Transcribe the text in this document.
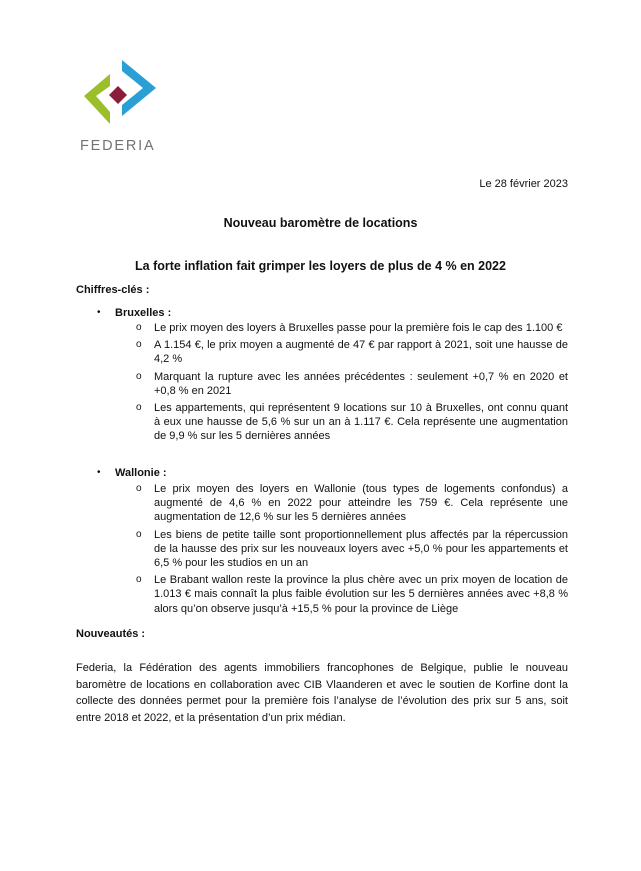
FEDERIA
Le 28 février 2023
Nouveau baromètre de locations
La forte inflation fait grimper les loyers de plus de 4 % en 2022
Chiffres-clés :
• Bruxelles :
o Le prix moyen des loyers à Bruxelles passe pour la première fois le cap des 1.100 €
o A 1.154 €, le prix moyen a augmenté de 47 € par rapport à 2021, soit une hausse de 4,2 %
o Marquant la rupture avec les années précédentes : seulement +0,7 % en 2020 et +0,8 % en 2021
o Les appartements, qui représentent 9 locations sur 10 à Bruxelles, ont connu quant à eux une hausse de 5,6 % sur un an à 1.117 €. Cela représente une augmentation de 9,9 % sur les 5 dernières années
• Wallonie :
o Le prix moyen des loyers en Wallonie (tous types de logements confondus) a augmenté de 4,6 % en 2022 pour atteindre les 759 €. Cela représente une augmentation de 12,6 % sur les 5 dernières années
o Les biens de petite taille sont proportionnellement plus affectés par la répercussion de la hausse des prix sur les nouveaux loyers avec +5,0 % pour les appartements et 6,5 % pour les studios en un an
o Le Brabant wallon reste la province la plus chère avec un prix moyen de location de 1.013 € mais connaît la plus faible évolution sur les 5 dernières années avec +8,8 % alors qu’on observe jusqu’à +15,5 % pour la province de Liège
Nouveautés :
Federia, la Fédération des agents immobiliers francophones de Belgique, publie le nouveau baromètre de locations en collaboration avec CIB Vlaanderen et avec le soutien de Korfine dont la collecte des données permet pour la première fois l’analyse de l’évolution des prix sur 5 ans, soit entre 2018 et 2022, et la présentation d’un prix médian.
